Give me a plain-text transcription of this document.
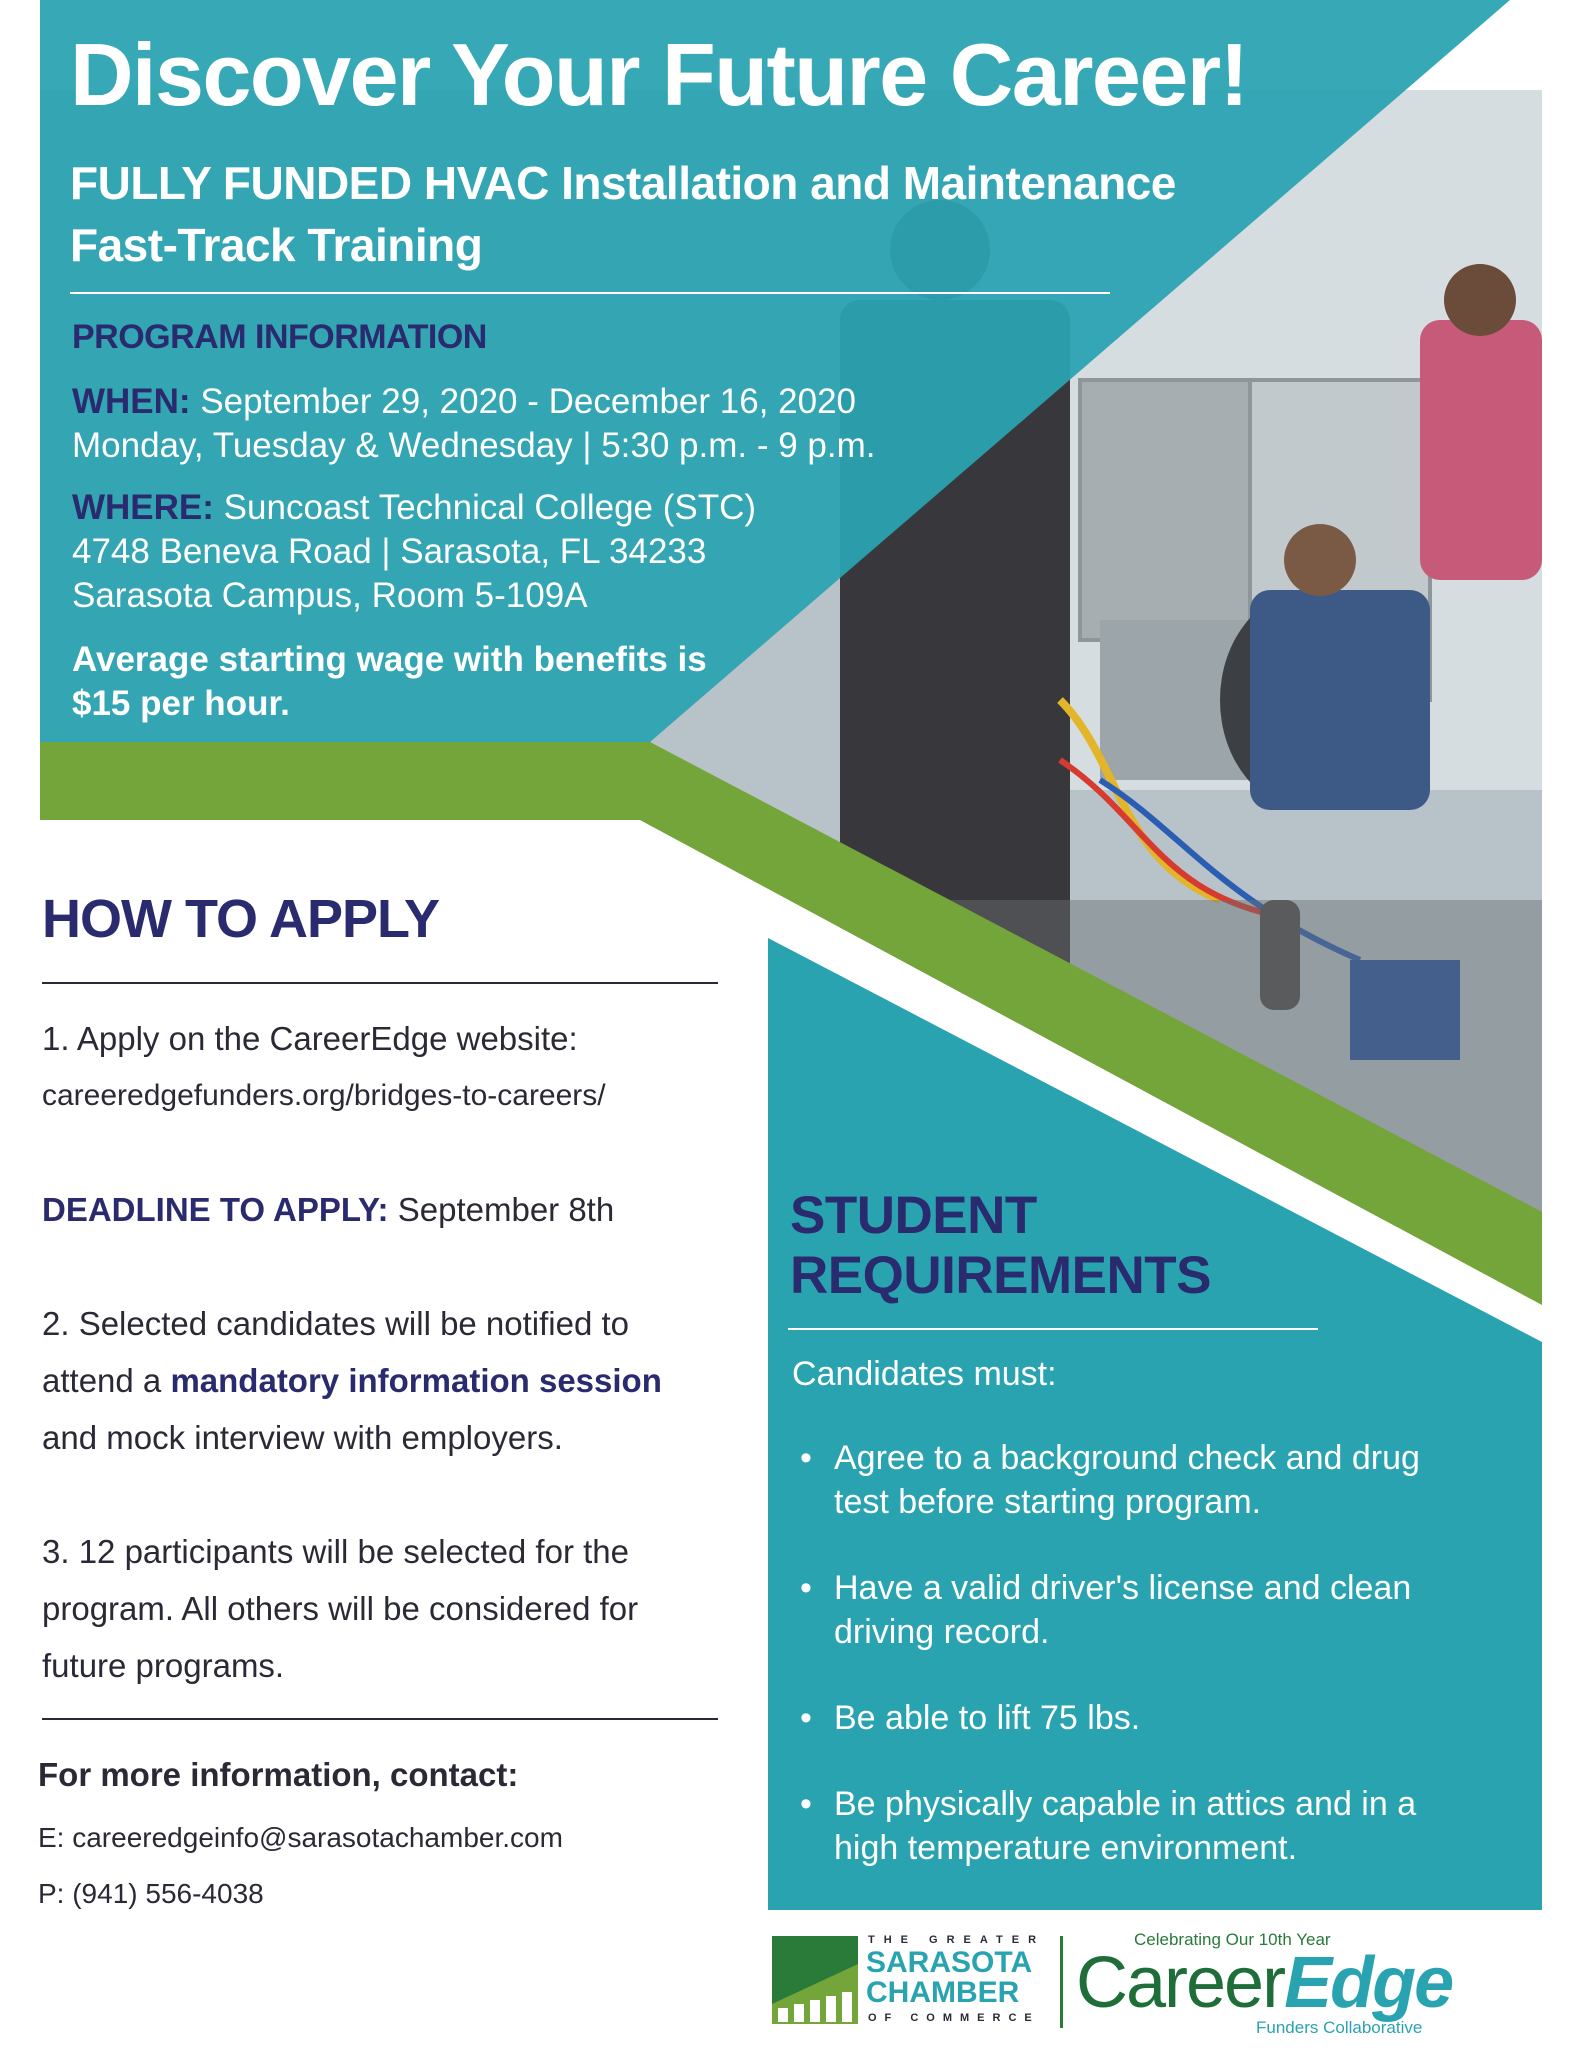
Discover Your Future Career!
FULLY FUNDED HVAC Installation and Maintenance
Fast-Track Training
PROGRAM INFORMATION
WHEN: September 29, 2020 - December 16, 2020
Monday, Tuesday & Wednesday | 5:30 p.m. - 9 p.m.
WHERE: Suncoast Technical College (STC)
4748 Beneva Road | Sarasota, FL 34233
Sarasota Campus, Room 5-109A
Average starting wage with benefits is
$15 per hour.
HOW TO APPLY
1. Apply on the CareerEdge website:
careeredgefunders.org/bridges-to-careers/
DEADLINE TO APPLY: September 8th
2. Selected candidates will be notified to
attend a mandatory information session
and mock interview with employers.
3. 12 participants will be selected for the
program. All others will be considered for
future programs.
For more information, contact:
E: careeredgeinfo@sarasotachamber.com
P: (941) 556-4038
STUDENT
REQUIREMENTS
Candidates must:
• Agree to a background check and drug
test before starting program.
• Have a valid driver's license and clean
driving record.
• Be able to lift 75 lbs.
• Be physically capable in attics and in a
high temperature environment.
THE GREATER
SARASOTA
CHAMBER
OF COMMERCE
Celebrating Our 10th Year
CareerEdge
Funders Collaborative
